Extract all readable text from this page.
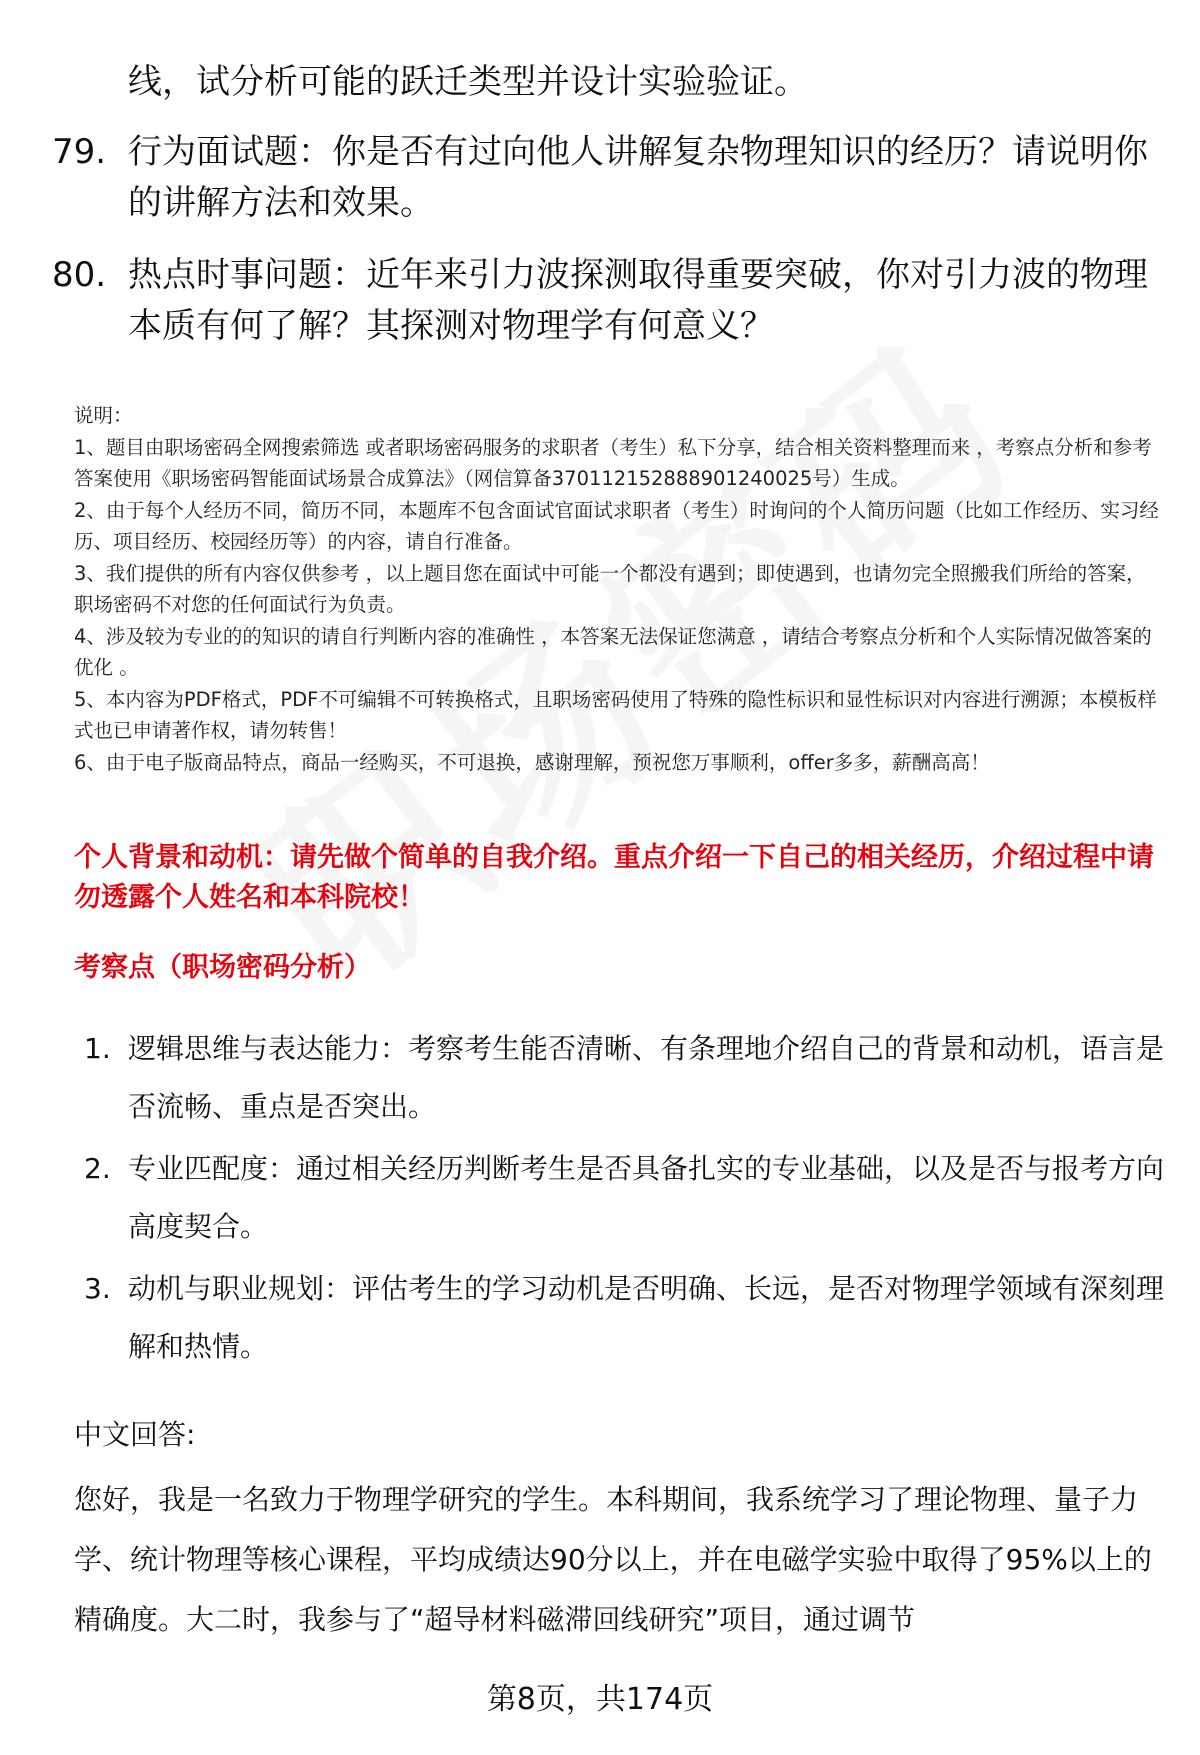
线，试分析可能的跃迁类型并设计实验验证。
79. 行为面试题：你是否有过向他人讲解复杂物理知识的经历？请说明你的讲解方法和效果。
80. 热点时事问题：近年来引力波探测取得重要突破，你对引力波的物理本质有何了解？其探测对物理学有何意义？

说明：

1、题目由职场密码全网搜索筛选 或者职场密码服务的求职者（考生）私下分享，结合相关资料整理而来 ，考察点分析和参考答案使用《职场密码智能面试场景合成算法》（网信算备370112152888901240025号）生成。

2、由于每个人经历不同，简历不同，本题库不包含面试官面试求职者（考生）时询问的个人简历问题（比如工作经历、实习经历、项目经历、校园经历等）的内容，请自行准备。

3、我们提供的所有内容仅供参考 ，以上题目您在面试中可能一个都没有遇到；即使遇到，也请勿完全照搬我们所给的答案，职场密码不对您的任何面试行为负责。

4、涉及较为专业的的知识的请自行判断内容的准确性 ，本答案无法保证您满意 ，请结合考察点分析和个人实际情况做答案的优化 。

5、本内容为PDF格式，PDF不可编辑不可转换格式，且职场密码使用了特殊的隐性标识和显性标识对内容进行溯源；本模板样式也已申请著作权，请勿转售！

6、由于电子版商品特点，商品一经购买，不可退换，感谢理解，预祝您万事顺利，offer多多，薪酬高高！

个人背景和动机：请先做个简单的自我介绍。重点介绍一下自己的相关经历，介绍过程中请勿透露个人姓名和本科院校！
考察点（职场密码分析）
1. 逻辑思维与表达能力：考察考生能否清晰、有条理地介绍自己的背景和动机，语言是否流畅、重点是否突出。
2. 专业匹配度：通过相关经历判断考生是否具备扎实的专业基础，以及是否与报考方向高度契合。
3. 动机与职业规划：评估考生的学习动机是否明确、长远，是否对物理学领域有深刻理解和热情。
中文回答:
您好，我是一名致力于物理学研究的学生。本科期间，我系统学习了理论物理、量子力学、统计物理等核心课程，平均成绩达90分以上，并在电磁学实验中取得了95%以上的精确度。大二时，我参与了“超导材料磁滞回线研究”项目，通过调节
第8页，共174页
